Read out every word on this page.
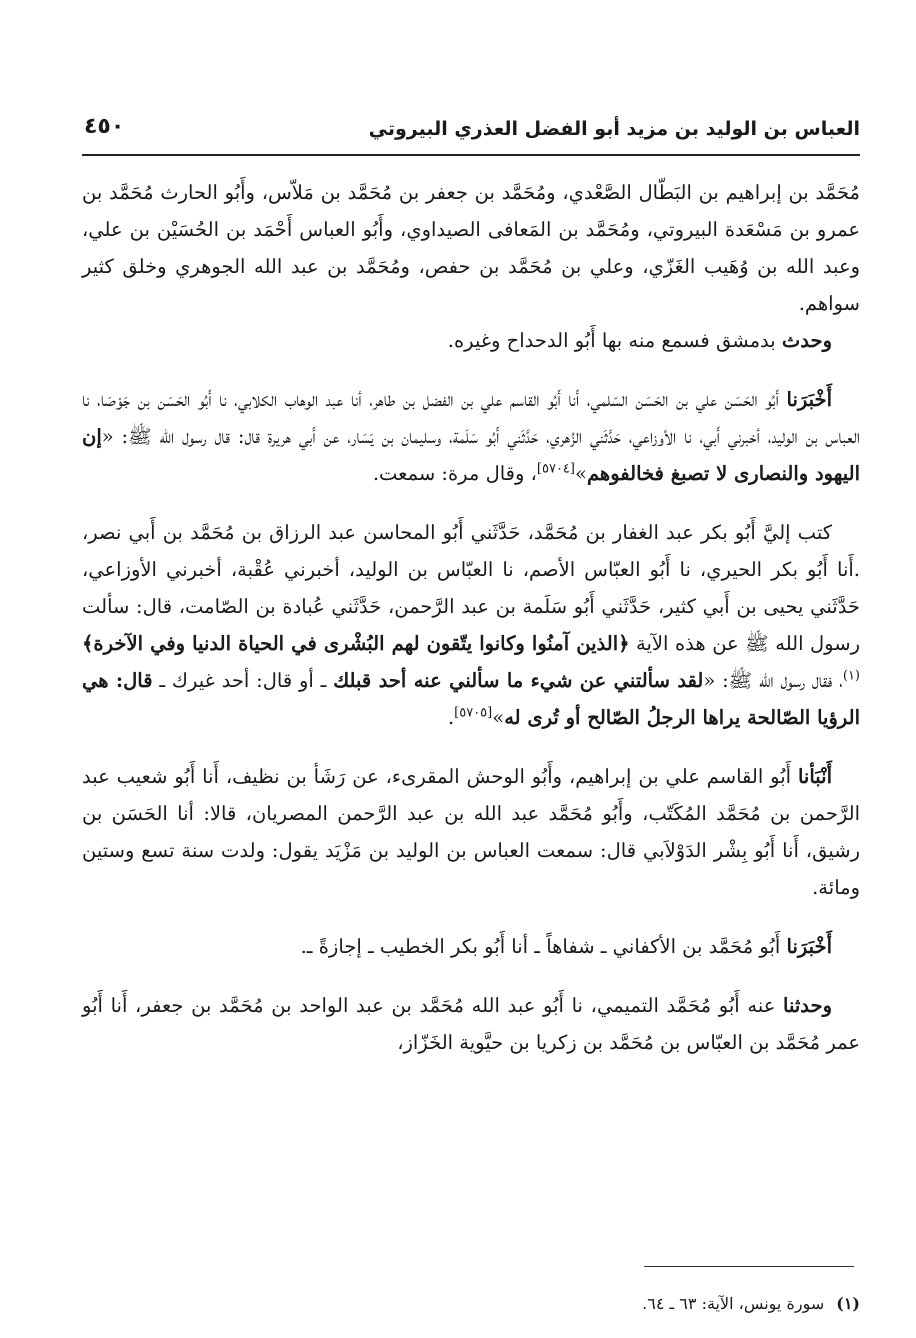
العباس بن الوليد بن مزيد أبو الفضل العذري البيروتي
٤٥٠

مُحَمَّد بن إبراهيم بن البَطّال الصَّعْدي، ومُحَمَّد بن جعفر بن مُحَمَّد بن مَلاّس، وأَبُو الحارث مُحَمَّد بن عمرو بن مَسْعَدة البيروتي، ومُحَمَّد بن المَعافى الصيداوي، وأَبُو العباس أَحْمَد بن الحُسَيْن بن علي، وعبد الله بن وُهَيب الغَزّي، وعلي بن مُحَمَّد بن حفص، ومُحَمَّد بن عبد الله الجوهري وخلق كثير سواهم.

وحدث بدمشق فسمع منه بها أَبُو الدحداح وغيره.

أَخْبَرَنا أَبُو الحَسَن علي بن الحَسَن السّلمي، أَنا أَبُو القاسم علي بن الفضل بن طاهر، أنا عبد الوهاب الكلابي، نا أَبُو الحَسَن بن جَوْصَا، نا العباس بن الوليد، أخبرني أَبي، نا الأوزاعي، حَدَّثَني الزُهري، حَدَّثَني أَبُو سَلَمة، وسليمان بن يَسَار، عن أَبي هريرة قال: قال رسول الله ﷺ: «إن اليهود والنصارى لا تصبغ فخالفوهم»[٥٧٠٤]، وقال مرة: سمعت.

كتب إليَّ أَبُو بكر عبد الغفار بن مُحَمَّد، حَدَّثَني أَبُو المحاسن عبد الرزاق بن مُحَمَّد بن أَبي نصر، .أَنا أَبُو بكر الحيري، نا أَبُو العبّاس الأصم، نا العبّاس بن الوليد، أخبرني عُقْبة، أخبرني الأوزاعي، حَدَّثَني يحيى بن أَبي كثير، حَدَّثَني أَبُو سَلَمة بن عبد الرَّحمن، حَدَّثَني عُبادة بن الصّامت، قال: سألت رسول الله ﷺ عن هذه الآية ﴿الذين آمنُوا وكانوا يتّقون لهم البُشْرى في الحياة الدنيا وفي الآخرة﴾$^{(١)}$، فقال رسول الله ﷺ: «لقد سألتني عن شيء ما سألني عنه أحد قبلك ـ أو قال: أحد غيرك ـ قال: هي الرؤيا الصّالحة يراها الرجلُ الصّالح أو تُرى له»[٥٧٠٥].

أَنْبَأنا أَبُو القاسم علي بن إبراهيم، وأَبُو الوحش المقرىء، عن رَشَأ بن نظيف، أَنا أَبُو شعيب عبد الرَّحمن بن مُحَمَّد المُكَتّب، وأَبُو مُحَمَّد عبد الله بن عبد الرَّحمن المصريان، قالا: أنا الحَسَن بن رشيق، أَنا أَبُو بِشْر الدَوْلاَبي قال: سمعت العباس بن الوليد بن مَزْيَد يقول: ولدت سنة تسع وستين ومائة.

أَخْبَرَنا أَبُو مُحَمَّد بن الأكفاني ـ شفاهاً ـ أنا أَبُو بكر الخطيب ـ إجازةً ـ.

وحدثنا عنه أَبُو مُحَمَّد التميمي، نا أَبُو عبد الله مُحَمَّد بن عبد الواحد بن مُحَمَّد بن جعفر، أَنا أَبُو عمر مُحَمَّد بن العبّاس بن مُحَمَّد بن زكريا بن حيَّوية الخَزّاز،

(١)سورة يونس، الآية: ٦٣ ـ ٦٤.
